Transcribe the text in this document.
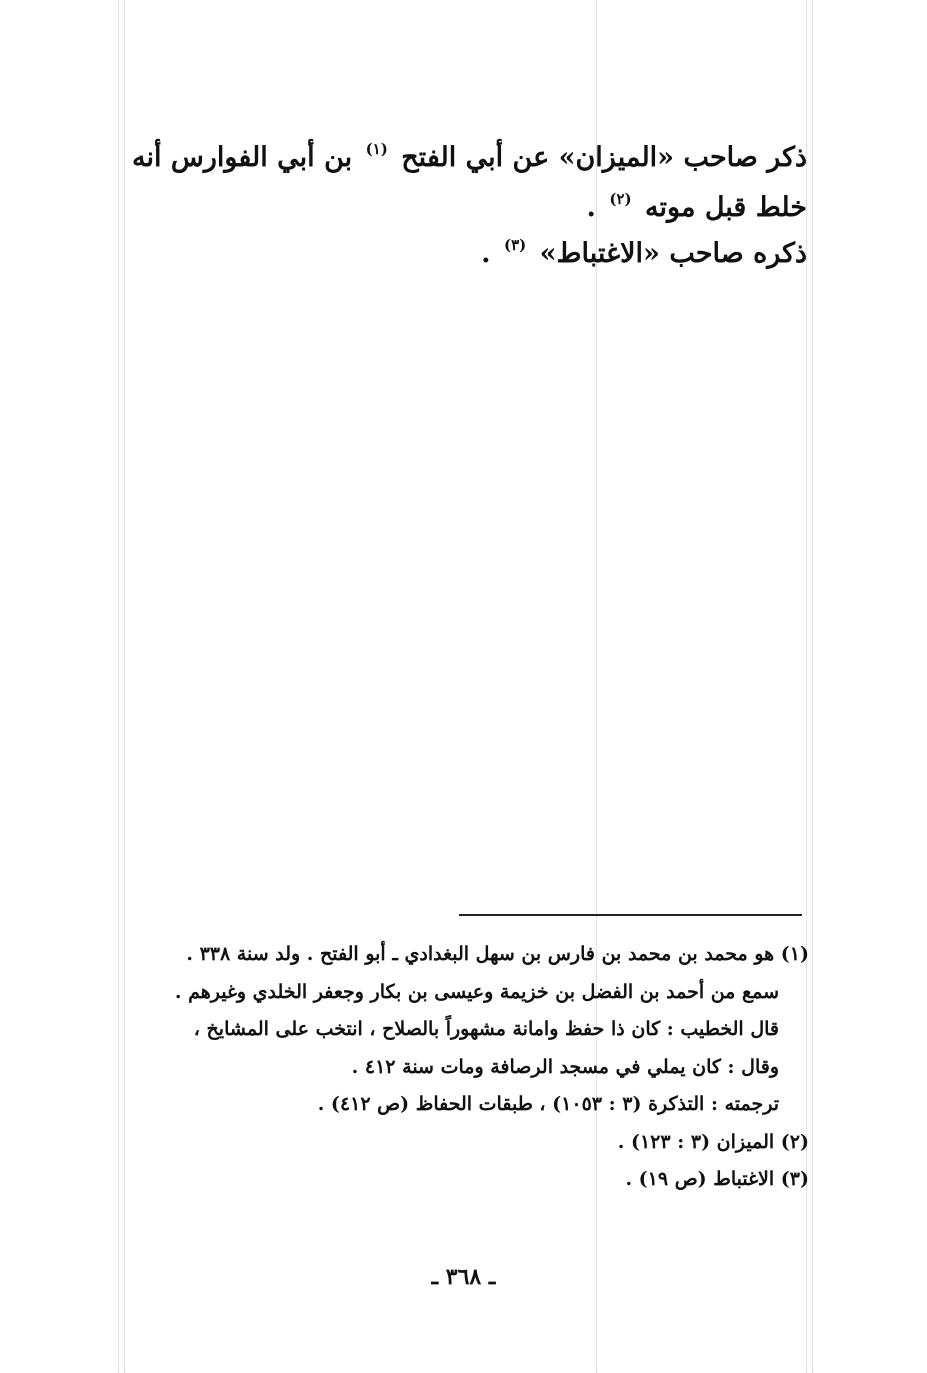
ذكر صاحب «الميزان» عن أبي الفتح $^{(١)}$ بن أبي الفوارس أنه

خلط قبل موته $^{(٢)}$ .

ذكره صاحب «الاغتباط» $^{(٣)}$ .

(١) هو محمد بن محمد بن فارس بن سهل البغدادي ـ أبو الفتح . ولد سنة ٣٣٨ .

سمع من أحمد بن الفضل بن خزيمة وعيسى بن بكار وجعفر الخلدي وغيرهم .

قال الخطيب : كان ذا حفظ وامانة مشهوراً بالصلاح ، انتخب على المشايخ ،

وقال : كان يملي في مسجد الرصافة ومات سنة ٤١٢ .

ترجمته : التذكرة (٣ : ١٠٥٣) ، طبقات الحفاظ (ص ٤١٢) .

(٢) الميزان (٣ : ١٢٣) .

(٣) الاغتباط (ص ١٩) .

ـ ٣٦٨ ـ
